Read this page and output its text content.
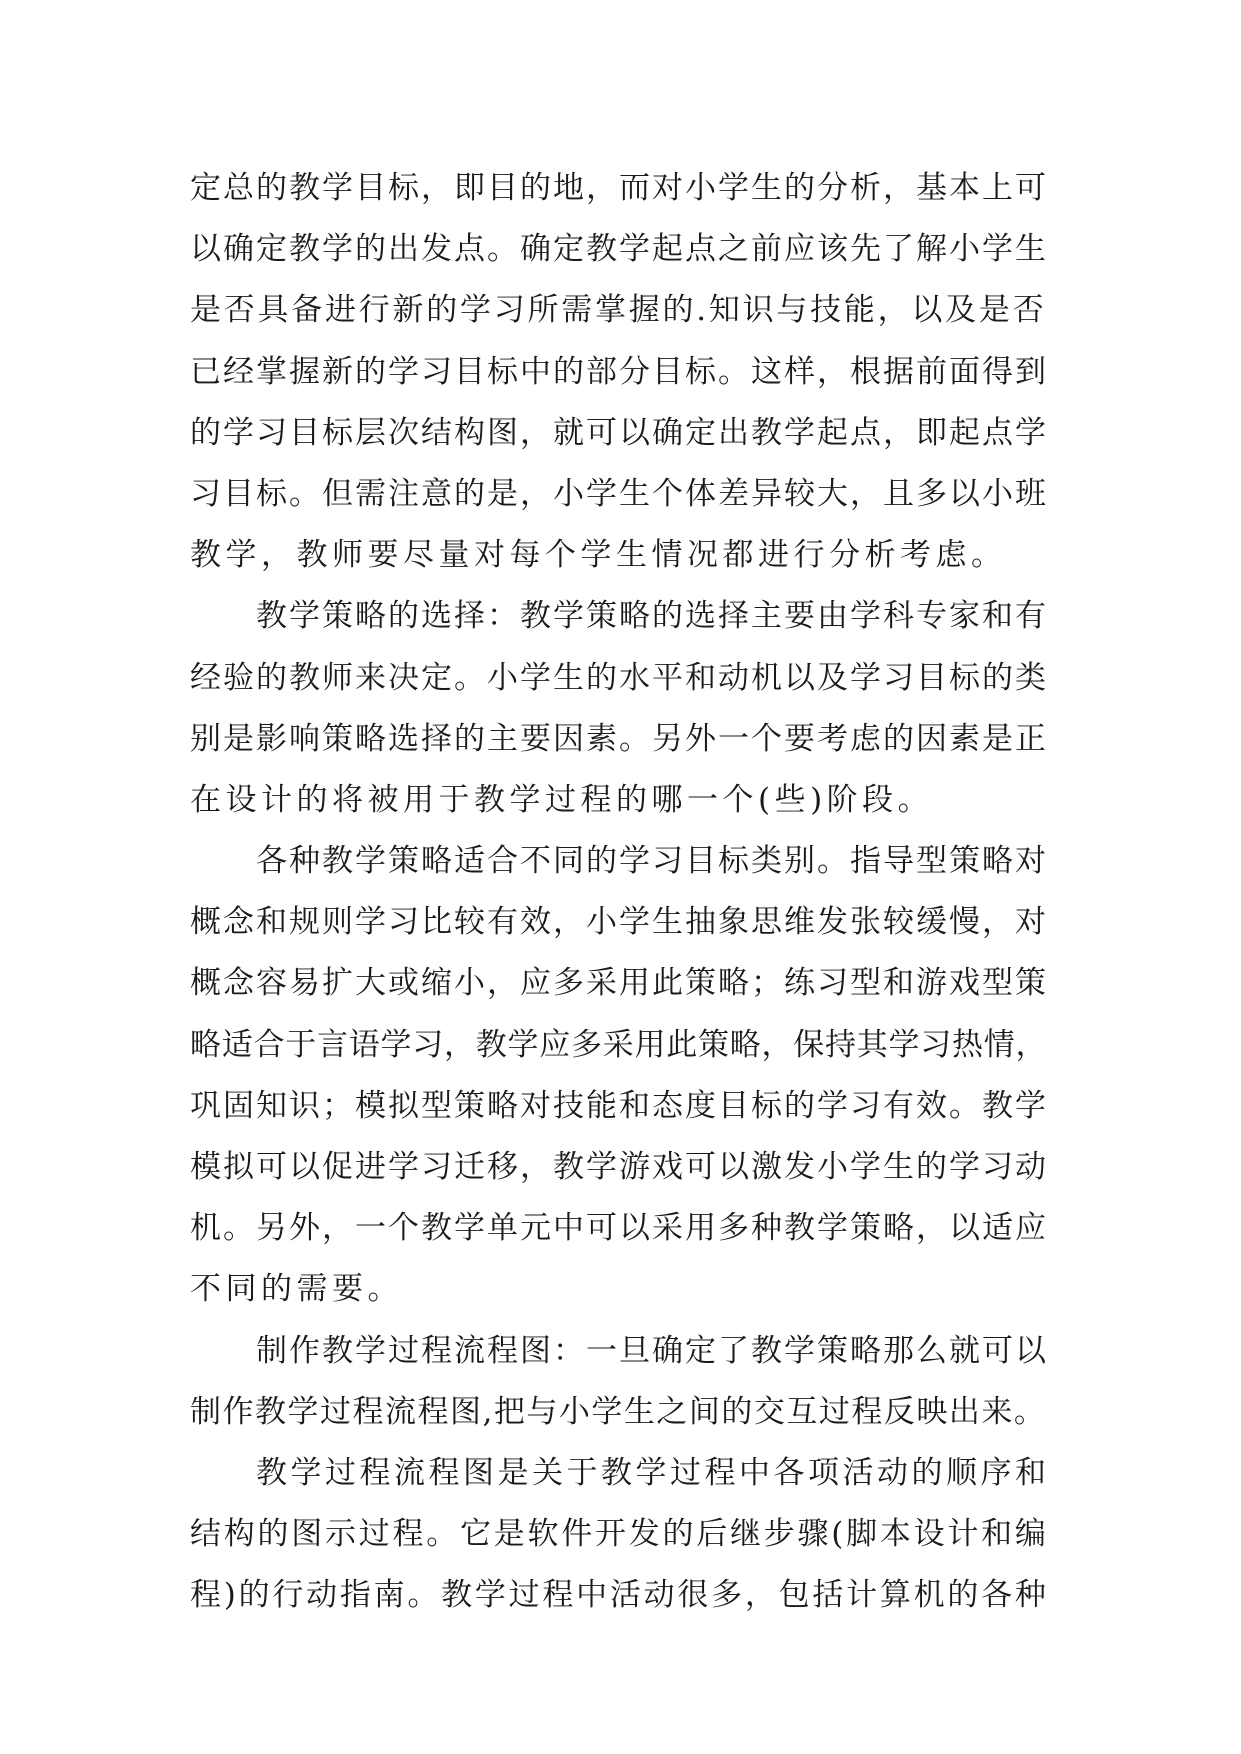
定总的教学目标，即目的地，而对小学生的分析，基本上可
以确定教学的出发点。确定教学起点之前应该先了解小学生
是否具备进行新的学习所需掌握的.知识与技能，以及是否
已经掌握新的学习目标中的部分目标。这样，根据前面得到
的学习目标层次结构图，就可以确定出教学起点，即起点学
习目标。但需注意的是，小学生个体差异较大，且多以小班
教学，教师要尽量对每个学生情况都进行分析考虑。
教学策略的选择：教学策略的选择主要由学科专家和有
经验的教师来决定。小学生的水平和动机以及学习目标的类
别是影响策略选择的主要因素。另外一个要考虑的因素是正
在设计的将被用于教学过程的哪一个(些)阶段。
各种教学策略适合不同的学习目标类别。指导型策略对
概念和规则学习比较有效，小学生抽象思维发张较缓慢，对
概念容易扩大或缩小，应多采用此策略；练习型和游戏型策
略适合于言语学习，教学应多采用此策略，保持其学习热情，
巩固知识；模拟型策略对技能和态度目标的学习有效。教学
模拟可以促进学习迁移，教学游戏可以激发小学生的学习动
机。另外，一个教学单元中可以采用多种教学策略，以适应
不同的需要。
制作教学过程流程图：一旦确定了教学策略那么就可以
制作教学过程流程图,把与小学生之间的交互过程反映出来。
教学过程流程图是关于教学过程中各项活动的顺序和
结构的图示过程。它是软件开发的后继步骤(脚本设计和编
程)的行动指南。教学过程中活动很多，包括计算机的各种
